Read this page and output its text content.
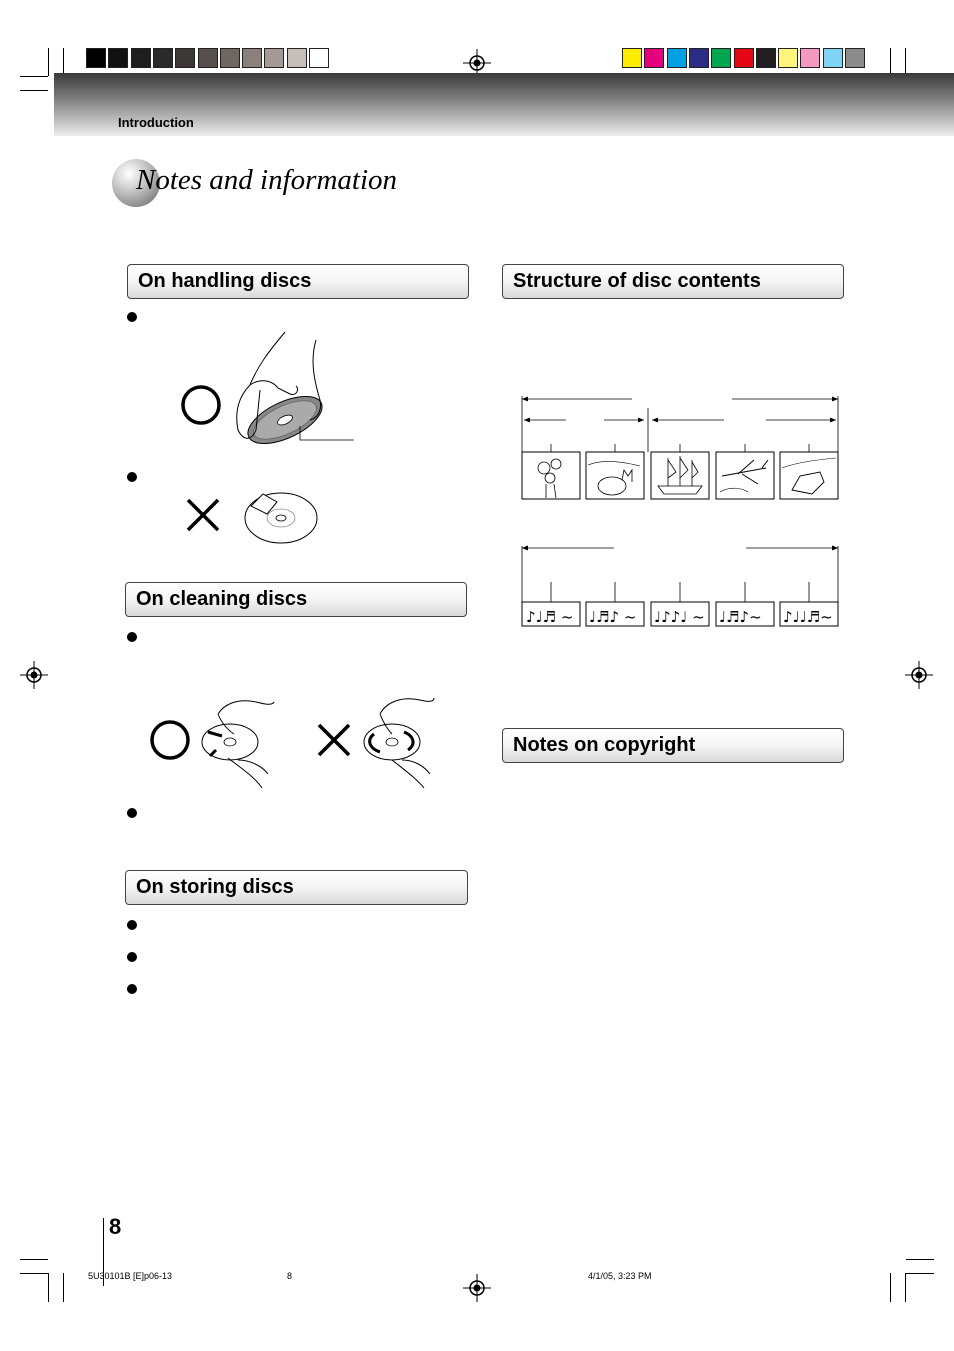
Introduction
Notes and information
On handling discs
On cleaning discs
On storing discs
Structure of disc contents
♪♩♬ ~ ♩♬♪ ~ ♩♪♪♩ ~ ♩♬♪~ ♪♩♩♬~
Notes on copyright
8
5U30101B [E]p06-13	8	4/1/05, 3:23 PM
